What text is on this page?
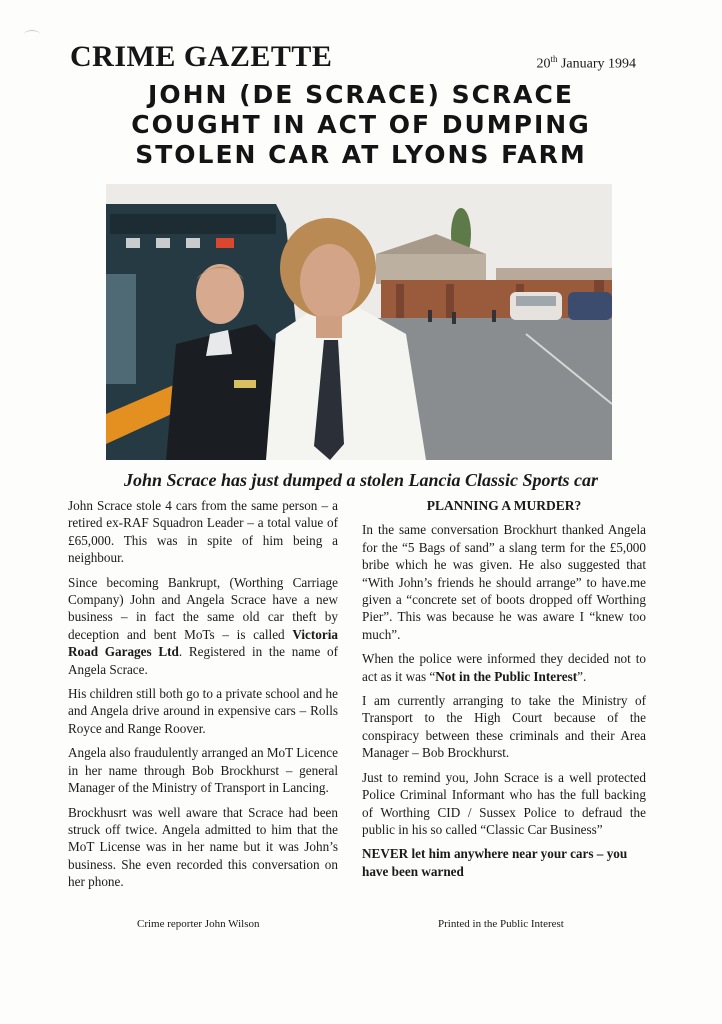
CRIME GAZETTE	20th January 1994
JOHN (DE SCRACE) SCRACE
COUGHT IN ACT OF DUMPING
STOLEN CAR AT LYONS FARM
John Scrace has just dumped a stolen Lancia Classic Sports car

John Scrace stole 4 cars from the same person – a retired ex-RAF Squadron Leader – a total value of £65,000. This was in spite of him being a neighbour.

Since becoming Bankrupt, (Worthing Carriage Company) John and Angela Scrace have a new business – in fact the same old car theft by deception and bent MoTs – is called Victoria Road Garages Ltd. Registered in the name of Angela Scrace.

His children still both go to a private school and he and Angela drive around in expensive cars – Rolls Royce and Range Roover.

Angela also fraudulently arranged an MoT Licence in her name through Bob Brockhurst – general Manager of the Ministry of Transport in Lancing.

Brockhusrt was well aware that Scrace had been struck off twice. Angela admitted to him that the MoT License was in her name but it was John’s business. She even recorded this conversation on her phone.

PLANNING A MURDER?

In the same conversation Brockhurt thanked Angela for the “5 Bags of sand” a slang term for the £5,000 bribe which he was given. He also suggested that “With John’s friends he should arrange” to have.me given a “concrete set of boots dropped off Worthing Pier”. This was because he was aware I “knew too much”.

When the police were informed they decided not to act as it was “Not in the Public Interest”.

I am currently arranging to take the Ministry of Transport to the High Court because of the conspiracy between these criminals and their Area Manager – Bob Brockhurst.

Just to remind you, John Scrace is a well protected Police Criminal Informant who has the full backing of Worthing CID / Sussex Police to defraud the public in his so called “Classic Car Business”

NEVER let him anywhere near your cars – you have been warned

Crime reporter John Wilson	Printed in the Public Interest
